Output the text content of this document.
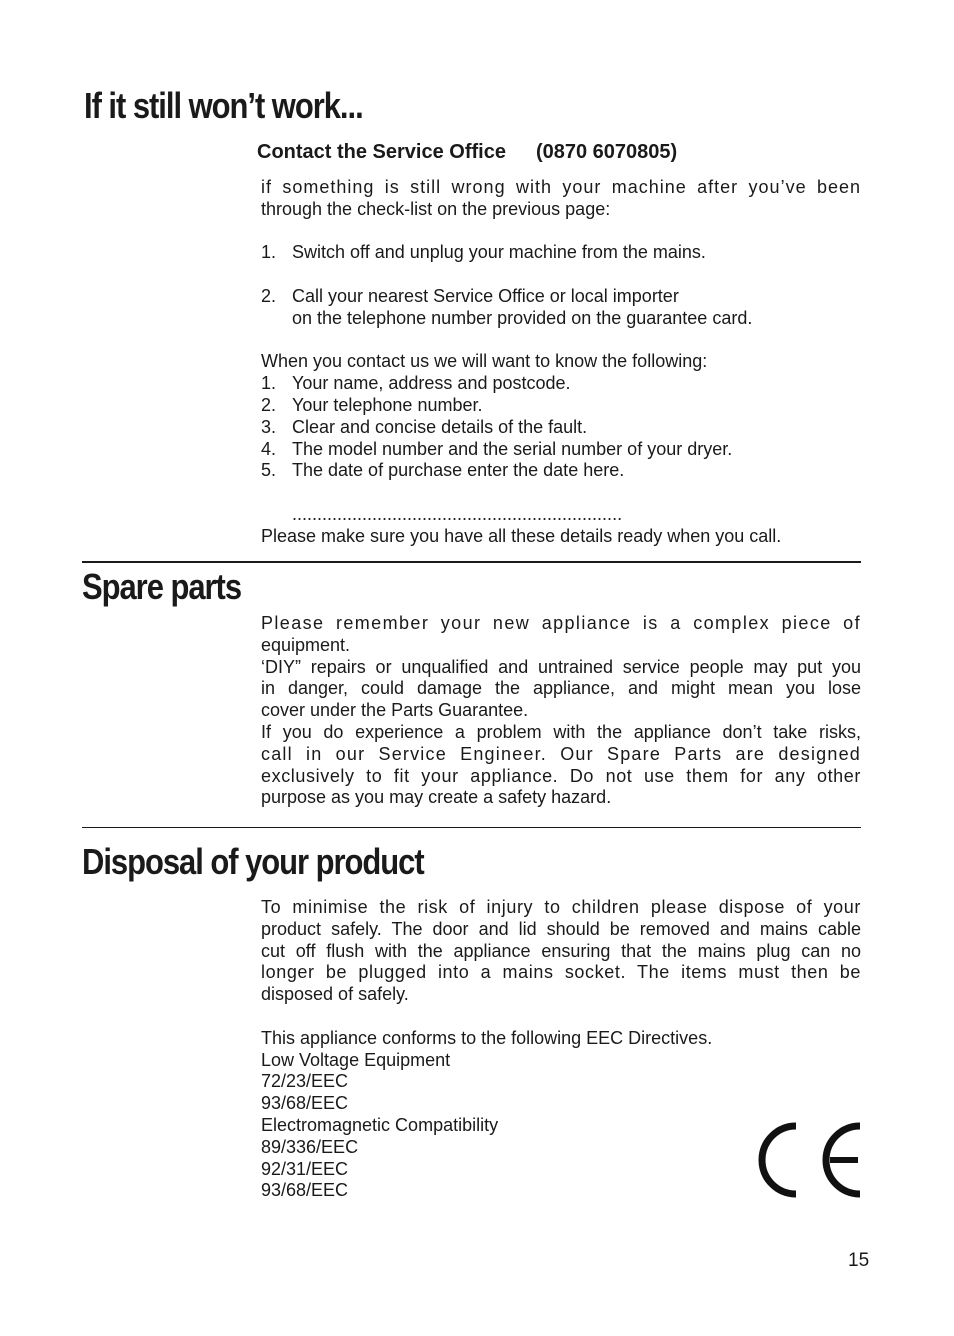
If it still won’t work...
Contact the Service Office (0870 6070805)

if something is still wrong with your machine after you’ve been

through the check-list on the previous page:

1. Switch off and unplug your machine from the mains.
2. Call your nearest Service Office or local importer
on the telephone number provided on the guarantee card.

When you contact us we will want to know the following:

1. Your name, address and postcode.
2. Your telephone number.
3. Clear and concise details of the fault.
4. The model number and the serial number of your dryer.
5. The date of purchase enter the date here.

..................................................................

Please make sure you have all these details ready when you call.

Spare parts

Please remember your new appliance is a complex piece of

equipment.

‘DIY” repairs or unqualified and untrained service people may put you

in danger, could damage the appliance, and might mean you lose

cover under the Parts Guarantee.

If you do experience a problem with the appliance don’t take risks,

call in our Service Engineer. Our Spare Parts are designed

exclusively to fit your appliance. Do not use them for any other

purpose as you may create a safety hazard.

Disposal of your product

To minimise the risk of injury to children please dispose of your

product safely. The door and lid should be removed and mains cable

cut off flush with the appliance ensuring that the mains plug can no

longer be plugged into a mains socket. The items must then be

disposed of safely.

This appliance conforms to the following EEC Directives.

Low Voltage Equipment

72/23/EEC

93/68/EEC

Electromagnetic Compatibility

89/336/EEC

92/31/EEC

93/68/EEC

15
